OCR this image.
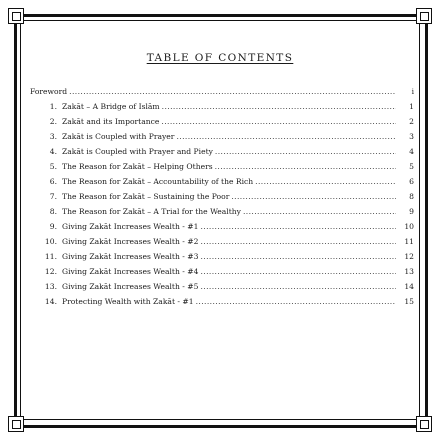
TABLE OF CONTENTS
Foreword .....	i
1. Zakāt – A Bridge of Islām .....	1
2. Zakāt and its Importance .....	2
3. Zakāt is Coupled with Prayer .....	3
4. Zakāt is Coupled with Prayer and Piety .....	4
5. The Reason for Zakāt – Helping Others .....	5
6. The Reason for Zakāt – Accountability of the Rich .....	6
7. The Reason for Zakāt – Sustaining the Poor .....	8
8. The Reason for Zakāt – A Trial for the Wealthy .....	9
9. Giving Zakāt Increases Wealth - #1 .....	10
10. Giving Zakāt Increases Wealth - #2 .....	11
11. Giving Zakāt Increases Wealth - #3 .....	12
12. Giving Zakāt Increases Wealth - #4 .....	13
13. Giving Zakāt Increases Wealth - #5 .....	14
14. Protecting Wealth with Zakāt - #1 .....	15
